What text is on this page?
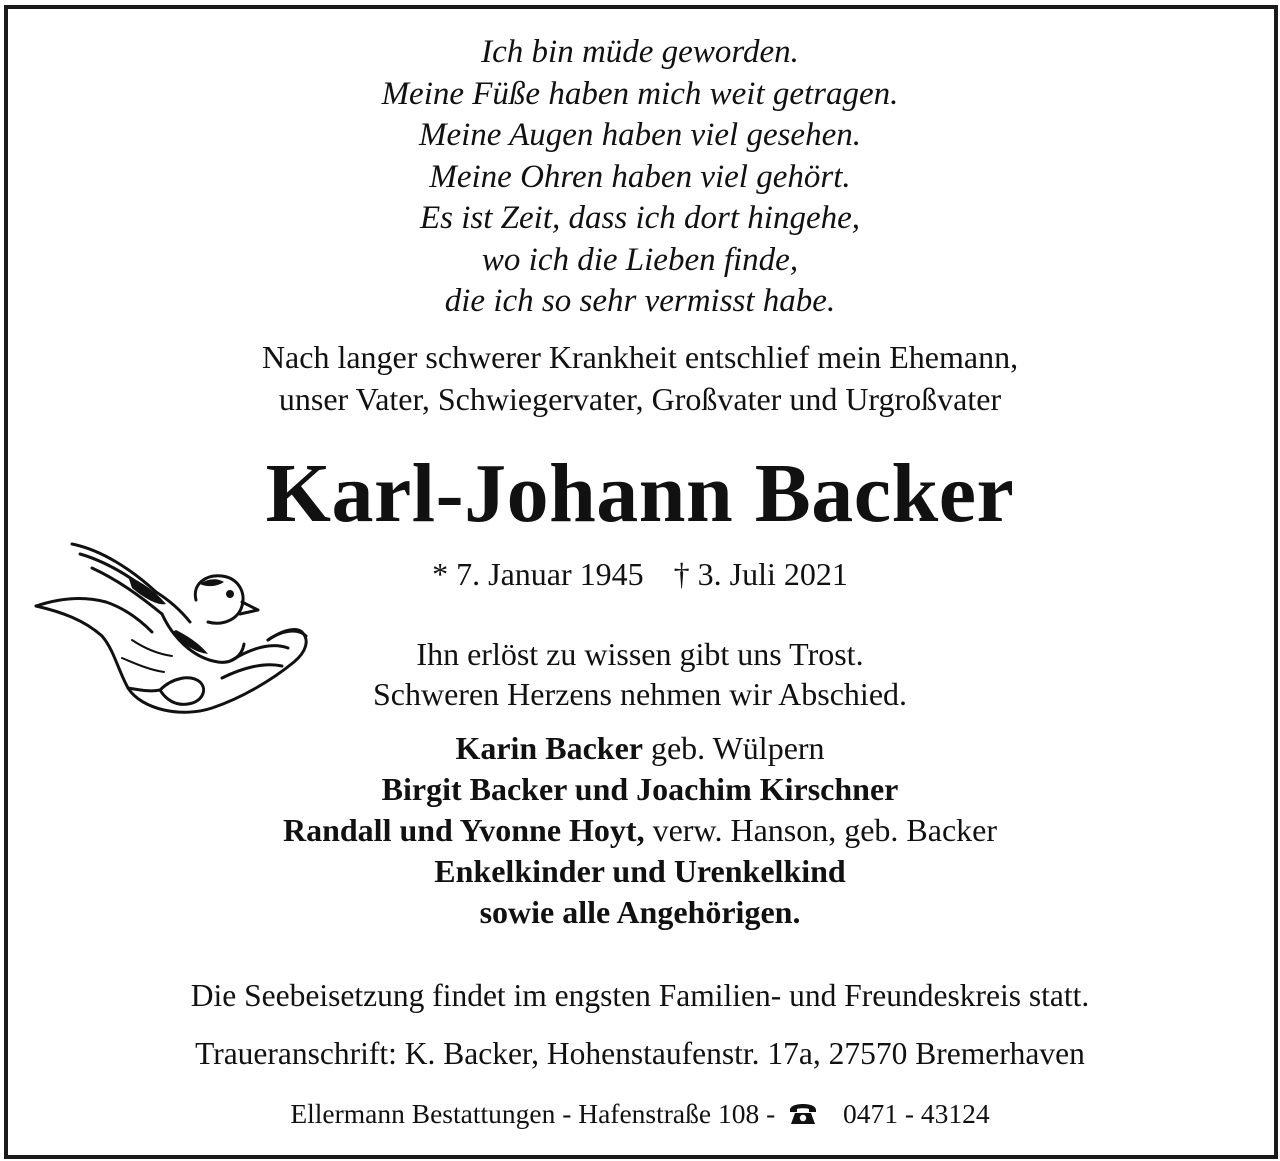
Ich bin müde geworden.
Meine Füße haben mich weit getragen.
Meine Augen haben viel gesehen.
Meine Ohren haben viel gehört.
Es ist Zeit, dass ich dort hingehe,
wo ich die Lieben finde,
die ich so sehr vermisst habe.
Nach langer schwerer Krankheit entschlief mein Ehemann,
unser Vater, Schwiegervater, Großvater und Urgroßvater
Karl-Johann Backer
* 7. Januar 1945 † 3. Juli 2021
Ihn erlöst zu wissen gibt uns Trost.
Schweren Herzens nehmen wir Abschied.
Karin Backer geb. Wülpern
Birgit Backer und Joachim Kirschner
Randall und Yvonne Hoyt, verw. Hanson, geb. Backer
Enkelkinder und Urenkelkind
sowie alle Angehörigen.
Die Seebeisetzung findet im engsten Familien- und Freundeskreis statt.
Traueranschrift: K. Backer, Hohenstaufenstr. 17a, 27570 Bremerhaven
Ellermann Bestattungen - Hafenstraße 108 - 0471 - 43124
